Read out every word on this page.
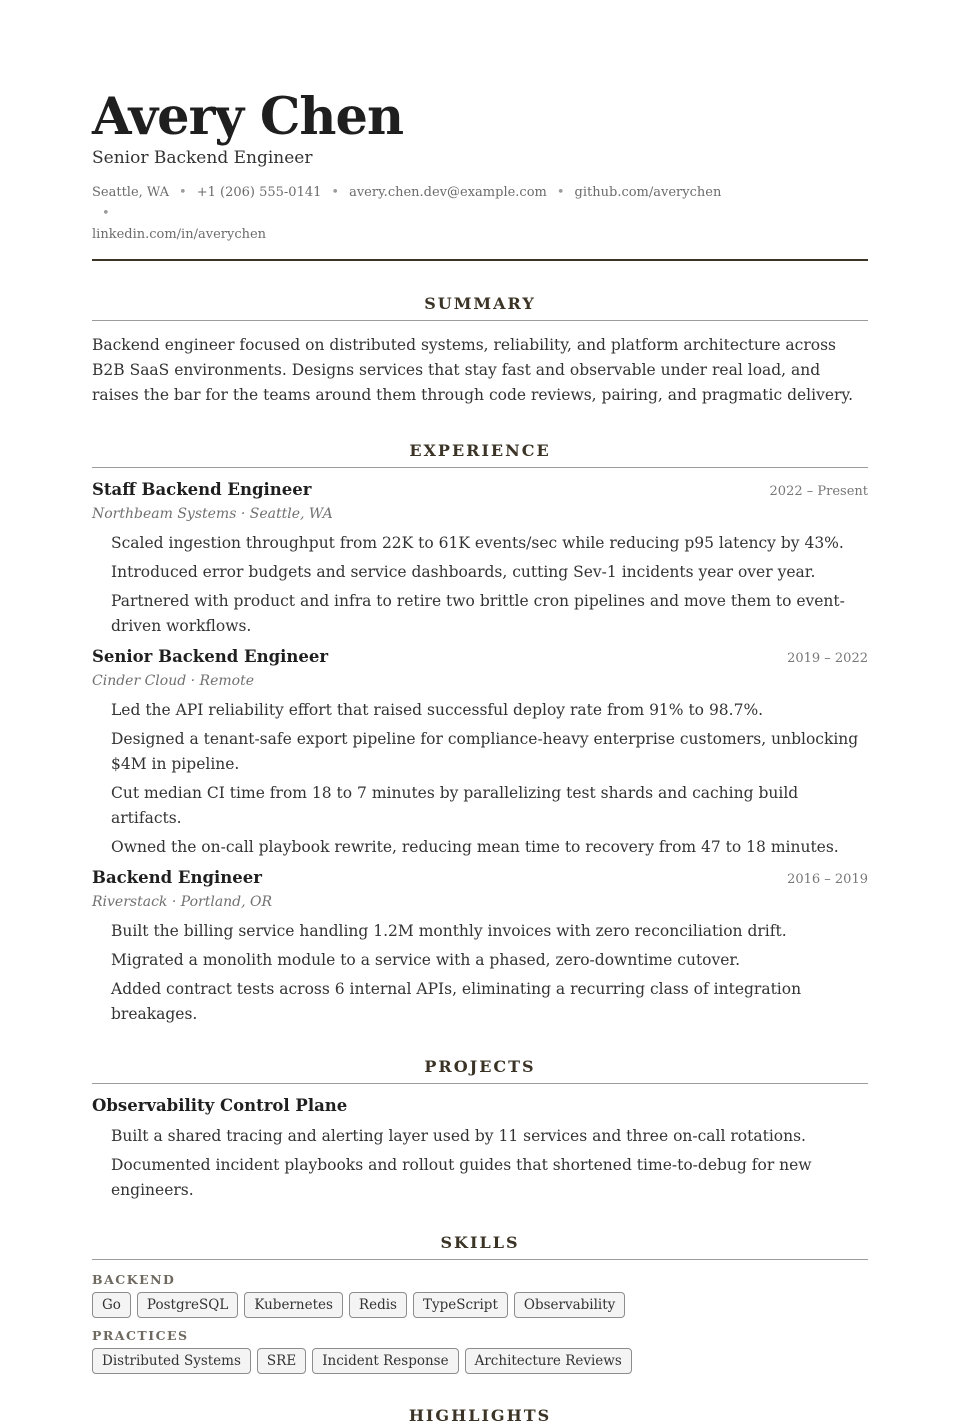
Avery Chen
Senior Backend Engineer
Seattle, WA • +1 (206) 555-0141 • avery.chen.dev@example.com • github.com/averychen•
linkedin.com/in/averychen
SUMMARY
Backend engineer focused on distributed systems, reliability, and platform architecture across B2B SaaS environments. Designs services that stay fast and observable under real load, and raises the bar for the teams around them through code reviews, pairing, and pragmatic delivery.
EXPERIENCE
Staff Backend Engineer	2022 – Present
Northbeam Systems · Seattle, WA
Scaled ingestion throughput from 22K to 61K events/sec while reducing p95 latency by 43%.
Introduced error budgets and service dashboards, cutting Sev-1 incidents year over year.
Partnered with product and infra to retire two brittle cron pipelines and move them to event-driven workflows.
Senior Backend Engineer	2019 – 2022
Cinder Cloud · Remote
Led the API reliability effort that raised successful deploy rate from 91% to 98.7%.
Designed a tenant-safe export pipeline for compliance-heavy enterprise customers, unblocking $4M in pipeline.
Cut median CI time from 18 to 7 minutes by parallelizing test shards and caching build artifacts.
Owned the on-call playbook rewrite, reducing mean time to recovery from 47 to 18 minutes.
Backend Engineer	2016 – 2019
Riverstack · Portland, OR
Built the billing service handling 1.2M monthly invoices with zero reconciliation drift.
Migrated a monolith module to a service with a phased, zero-downtime cutover.
Added contract tests across 6 internal APIs, eliminating a recurring class of integration breakages.
PROJECTS
Observability Control Plane
Built a shared tracing and alerting layer used by 11 services and three on-call rotations.
Documented incident playbooks and rollout guides that shortened time-to-debug for new engineers.
SKILLS
BACKEND
Go	PostgreSQL	Kubernetes	Redis	TypeScript	Observability
PRACTICES
Distributed Systems	SRE	Incident Response	Architecture Reviews
HIGHLIGHTS
